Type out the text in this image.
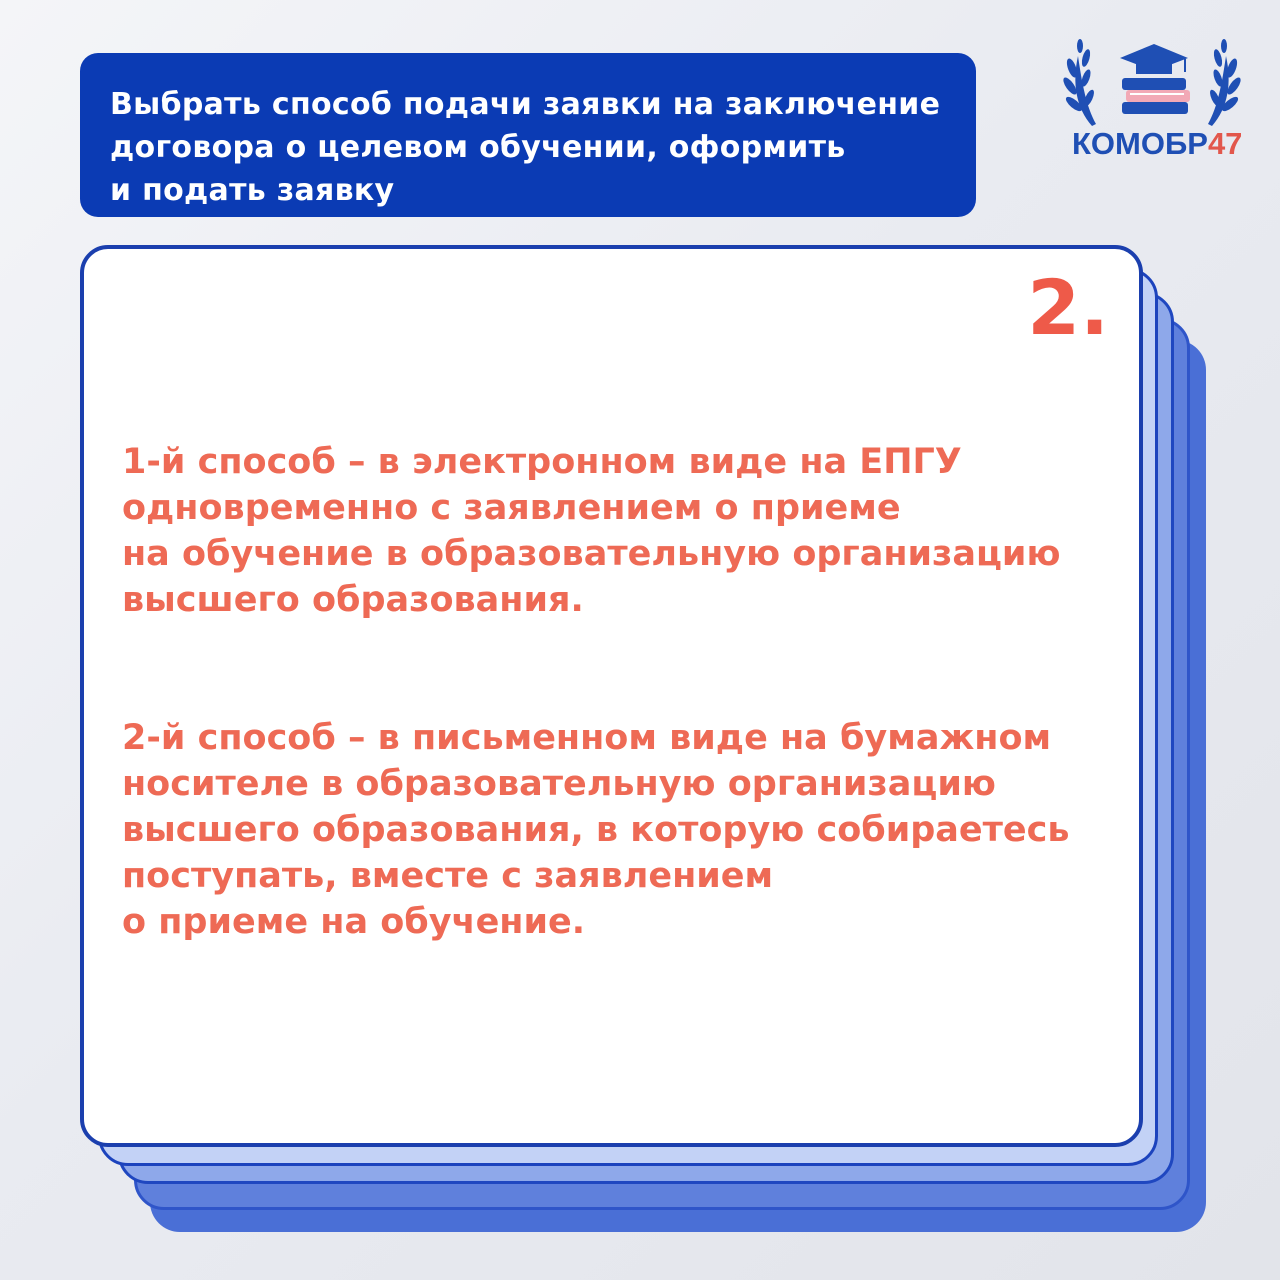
Выбрать способ подачи заявки на заключение
договора о целевом обучении, оформить
и подать заявку

КОМОБР47

2.

1-й способ – в электронном виде на ЕПГУ
одновременно с заявлением о приеме
на обучение в образовательную организацию
высшего образования.

2-й способ – в письменном виде на бумажном
носителе в образовательную организацию
высшего образования, в которую собираетесь
поступать, вместе с заявлением
о приеме на обучение.
